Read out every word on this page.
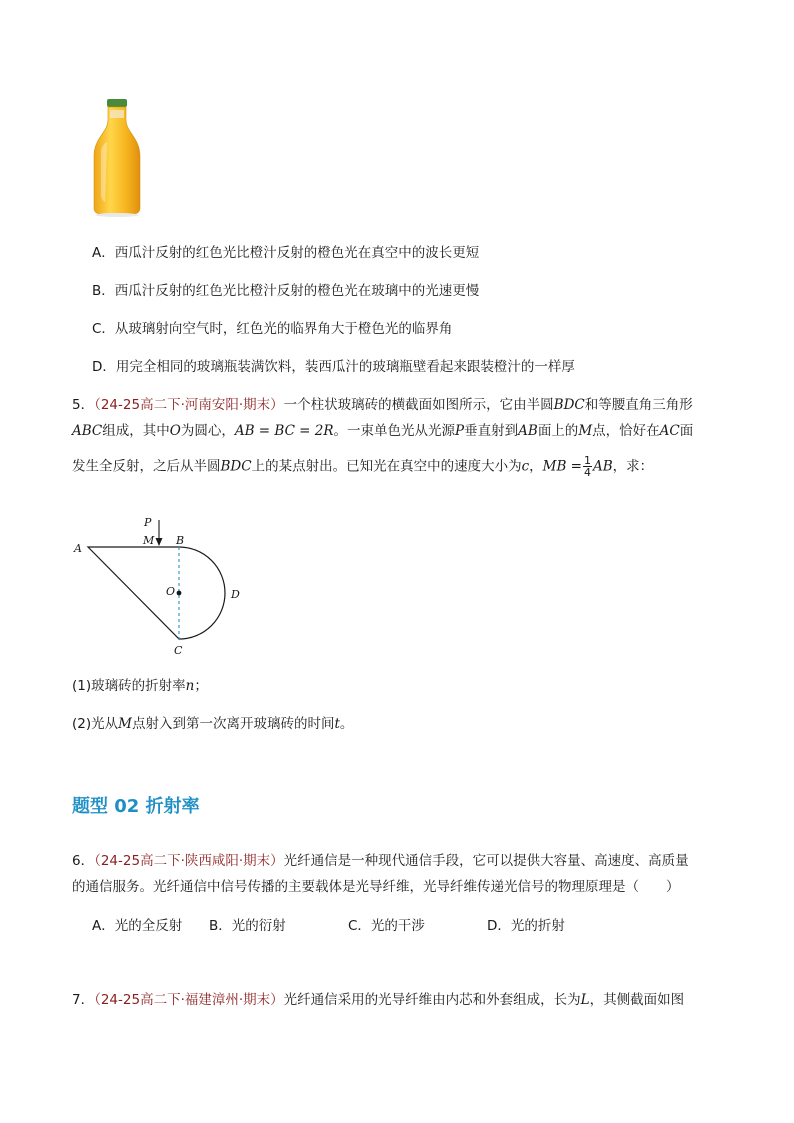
A．西瓜汁反射的红色光比橙汁反射的橙色光在真空中的波长更短
B．西瓜汁反射的红色光比橙汁反射的橙色光在玻璃中的光速更慢
C．从玻璃射向空气时，红色光的临界角大于橙色光的临界角
D．用完全相同的玻璃瓶装满饮料，装西瓜汁的玻璃瓶壁看起来跟装橙汁的一样厚
5．（24-25高二下·河南安阳·期末）一个柱状玻璃砖的横截面如图所示，它由半圆BDC和等腰直角三角形
ABC组成，其中O为圆心，AB = BC = 2R。一束单色光从光源P垂直射到AB面上的M点，恰好在AC面
发生全反射，之后从半圆BDC上的某点射出。已知光在真空中的速度大小为c，MB = $\frac{1}{4}$ AB，求：
P
M B
A
O	D
C
(1)玻璃砖的折射率n；
(2)光从M点射入到第一次离开玻璃砖的时间t。
题型 02 折射率
6．（24-25高二下·陕西咸阳·期末）光纤通信是一种现代通信手段，它可以提供大容量、高速度、高质量
的通信服务。光纤通信中信号传播的主要载体是光导纤维，光导纤维传递光信号的物理原理是（　　）
A．光的全反射 B．光的衍射	C．光的干涉	D．光的折射
7．（24-25高二下·福建漳州·期末）光纤通信采用的光导纤维由内芯和外套组成，长为L，其侧截面如图
